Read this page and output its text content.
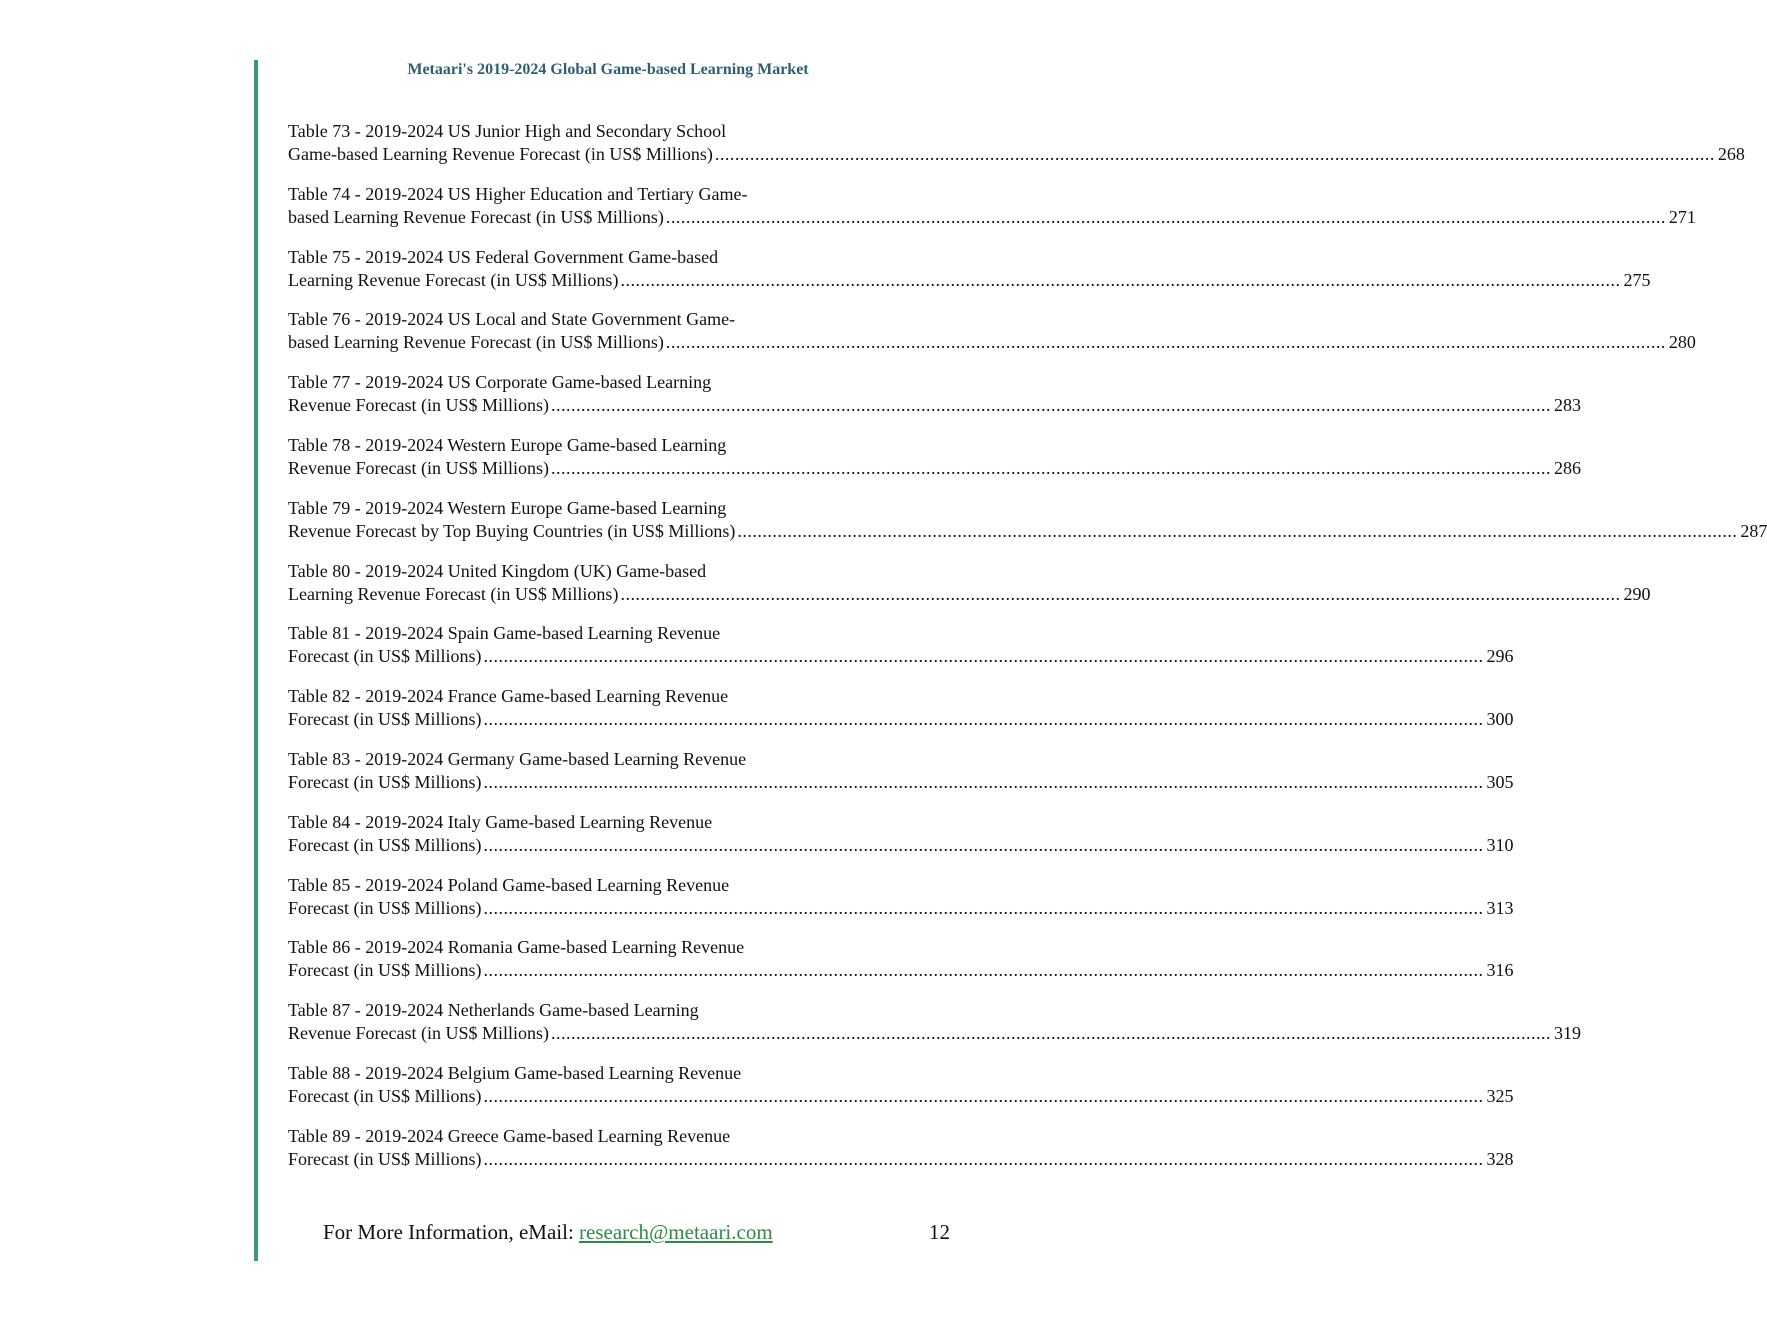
Metaari's 2019-2024 Global Game-based Learning Market
Table 73 - 2019-2024 US Junior High and Secondary School
Game-based Learning Revenue Forecast (in US$ Millions) ........................................................................................................................................................................................................ 268
Table 74 - 2019-2024 US Higher Education and Tertiary Game-
based Learning Revenue Forecast (in US$ Millions) ........................................................................................................................................................................................................ 271
Table 75 - 2019-2024 US Federal Government Game-based
Learning Revenue Forecast (in US$ Millions) ........................................................................................................................................................................................................ 275
Table 76 - 2019-2024 US Local and State Government Game-
based Learning Revenue Forecast (in US$ Millions) ........................................................................................................................................................................................................ 280
Table 77 - 2019-2024 US Corporate Game-based Learning
Revenue Forecast (in US$ Millions) ........................................................................................................................................................................................................ 283
Table 78 - 2019-2024 Western Europe Game-based Learning
Revenue Forecast (in US$ Millions) ........................................................................................................................................................................................................ 286
Table 79 - 2019-2024 Western Europe Game-based Learning
Revenue Forecast by Top Buying Countries (in US$ Millions) ........................................................................................................................................................................................................ 287
Table 80 - 2019-2024 United Kingdom (UK) Game-based
Learning Revenue Forecast (in US$ Millions) ........................................................................................................................................................................................................ 290
Table 81 - 2019-2024 Spain Game-based Learning Revenue
Forecast (in US$ Millions) ........................................................................................................................................................................................................ 296
Table 82 - 2019-2024 France Game-based Learning Revenue
Forecast (in US$ Millions) ........................................................................................................................................................................................................ 300
Table 83 - 2019-2024 Germany Game-based Learning Revenue
Forecast (in US$ Millions) ........................................................................................................................................................................................................ 305
Table 84 - 2019-2024 Italy Game-based Learning Revenue
Forecast (in US$ Millions) ........................................................................................................................................................................................................ 310
Table 85 - 2019-2024 Poland Game-based Learning Revenue
Forecast (in US$ Millions) ........................................................................................................................................................................................................ 313
Table 86 - 2019-2024 Romania Game-based Learning Revenue
Forecast (in US$ Millions) ........................................................................................................................................................................................................ 316
Table 87 - 2019-2024 Netherlands Game-based Learning
Revenue Forecast (in US$ Millions) ........................................................................................................................................................................................................ 319
Table 88 - 2019-2024 Belgium Game-based Learning Revenue
Forecast (in US$ Millions) ........................................................................................................................................................................................................ 325
Table 89 - 2019-2024 Greece Game-based Learning Revenue
Forecast (in US$ Millions) ........................................................................................................................................................................................................ 328
For More Information, eMail: research@metaari.com	12
